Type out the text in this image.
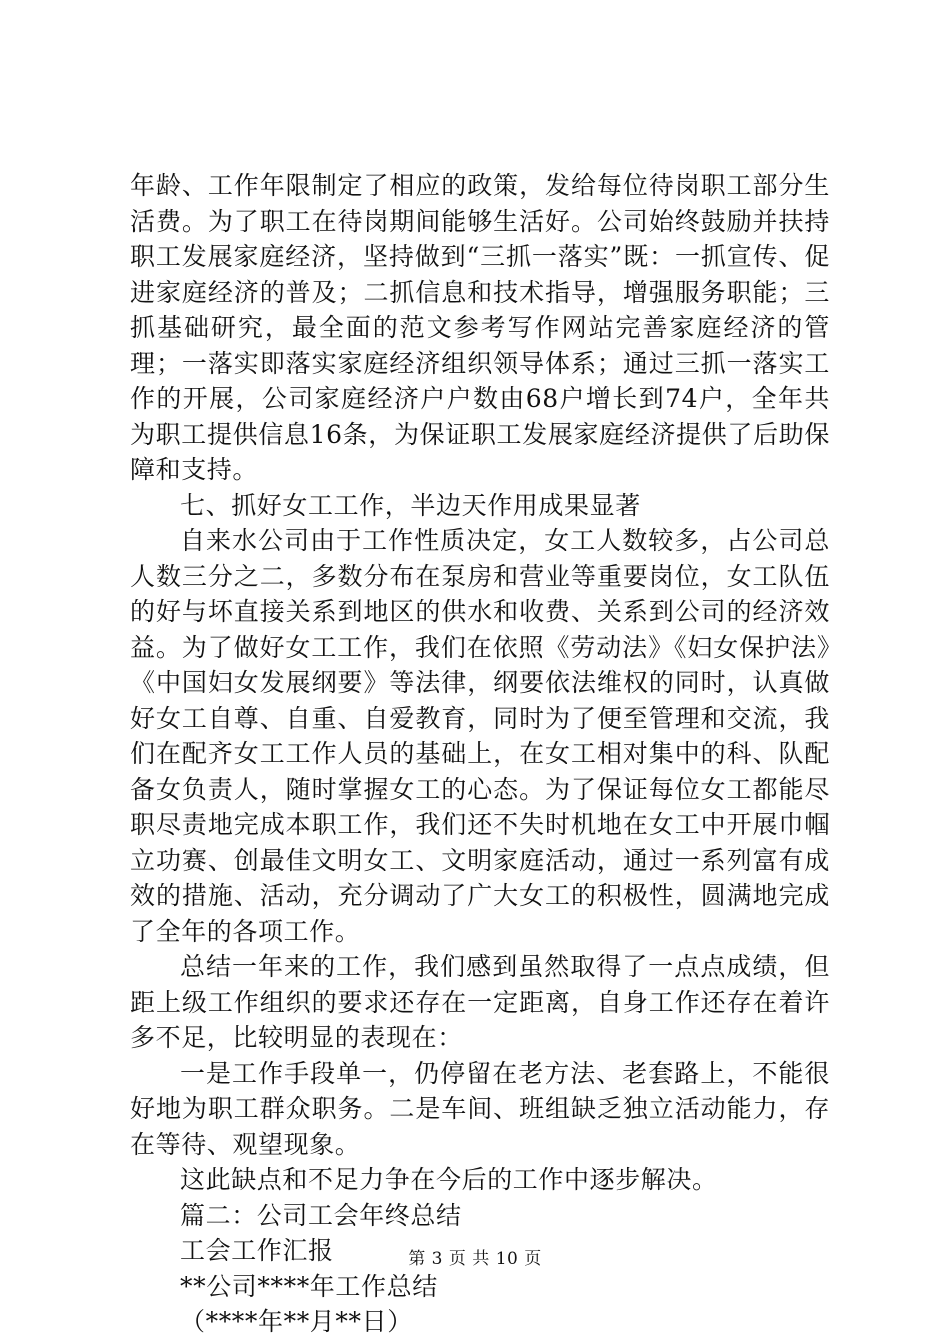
年龄、工作年限制定了相应的政策，发给每位待岗职工部分生活费。为了职工在待岗期间能够生活好。公司始终鼓励并扶持职工发展家庭经济，坚持做到“三抓一落实”既：一抓宣传、促进家庭经济的普及；二抓信息和技术指导，增强服务职能；三抓基础研究，最全面的范文参考写作网站完善家庭经济的管理；一落实即落实家庭经济组织领导体系；通过三抓一落实工作的开展，公司家庭经济户户数由68户增长到74户，全年共为职工提供信息16条，为保证职工发展家庭经济提供了后助保障和支持。

七、抓好女工工作，半边天作用成果显著

自来水公司由于工作性质决定，女工人数较多，占公司总人数三分之二，多数分布在泵房和营业等重要岗位，女工队伍的好与坏直接关系到地区的供水和收费、关系到公司的经济效益。为了做好女工工作，我们在依照《劳动法》《妇女保护法》《中国妇女发展纲要》等法律，纲要依法维权的同时，认真做好女工自尊、自重、自爱教育，同时为了便至管理和交流，我们在配齐女工工作人员的基础上，在女工相对集中的科、队配备女负责人，随时掌握女工的心态。为了保证每位女工都能尽职尽责地完成本职工作，我们还不失时机地在女工中开展巾帼立功赛、创最佳文明女工、文明家庭活动，通过一系列富有成效的措施、活动，充分调动了广大女工的积极性，圆满地完成了全年的各项工作。

总结一年来的工作，我们感到虽然取得了一点点成绩，但距上级工作组织的要求还存在一定距离，自身工作还存在着许多不足，比较明显的表现在：

一是工作手段单一，仍停留在老方法、老套路上，不能很好地为职工群众职务。二是车间、班组缺乏独立活动能力，存在等待、观望现象。

这此缺点和不足力争在今后的工作中逐步解决。

篇二：公司工会年终总结

工会工作汇报

**公司****年工作总结

（****年**月**日）

第 3 页 共 10 页
